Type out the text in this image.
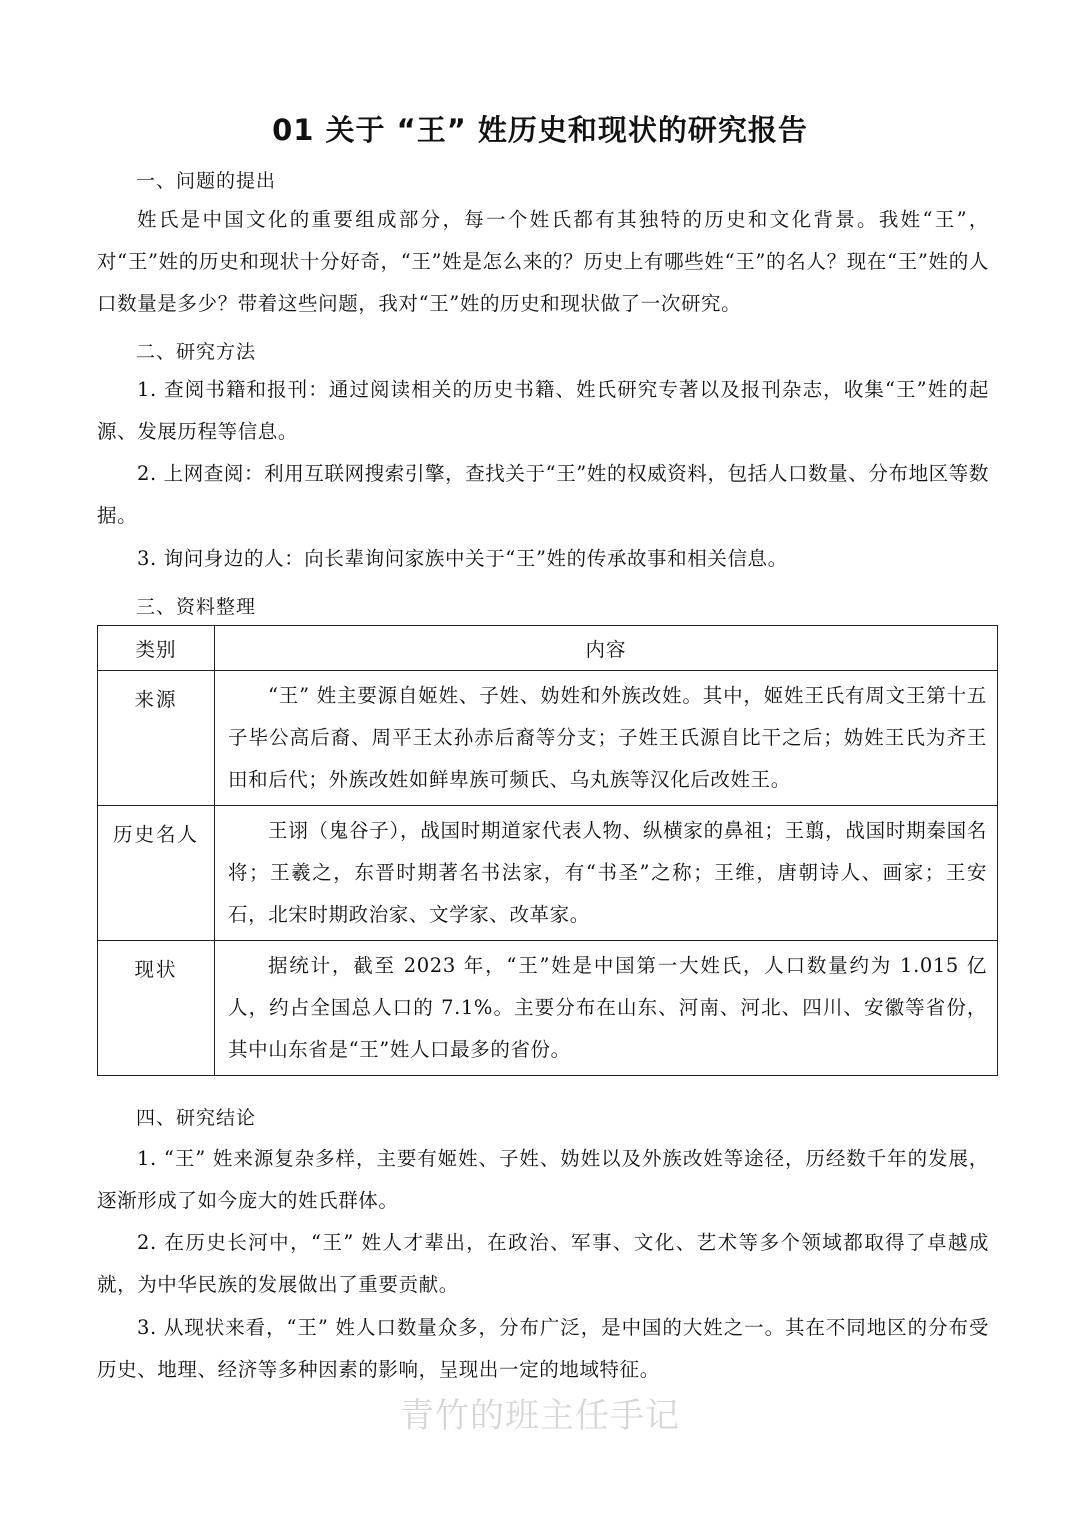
01 关于 “王” 姓历史和现状的研究报告
一、问题的提出
姓氏是中国文化的重要组成部分，每一个姓氏都有其独特的历史和文化背景。我姓“王”，对“王”姓的历史和现状十分好奇，“王”姓是怎么来的？历史上有哪些姓“王”的名人？现在“王”姓的人口数量是多少？带着这些问题，我对“王”姓的历史和现状做了一次研究。
二、研究方法
1. 查阅书籍和报刊：通过阅读相关的历史书籍、姓氏研究专著以及报刊杂志，收集“王”姓的起源、发展历程等信息。
2. 上网查阅：利用互联网搜索引擎，查找关于“王”姓的权威资料，包括人口数量、分布地区等数据。
3. 询问身边的人：向长辈询问家族中关于“王”姓的传承故事和相关信息。
三、资料整理
类别	内容
来源	“王” 姓主要源自姬姓、子姓、妫姓和外族改姓。其中，姬姓王氏有周文王第十五子毕公高后裔、周平王太孙赤后裔等分支；子姓王氏源自比干之后；妫姓王氏为齐王田和后代；外族改姓如鲜卑族可频氏、乌丸族等汉化后改姓王。
历史名人	王诩（鬼谷子），战国时期道家代表人物、纵横家的鼻祖；王翦，战国时期秦国名将；王羲之，东晋时期著名书法家，有“书圣”之称；王维，唐朝诗人、画家；王安石，北宋时期政治家、文学家、改革家。
现状	据统计，截至 2023 年，“王”姓是中国第一大姓氏，人口数量约为 1.015 亿人，约占全国总人口的 7.1%。主要分布在山东、河南、河北、四川、安徽等省份，其中山东省是“王”姓人口最多的省份。
四、研究结论
1. “王” 姓来源复杂多样，主要有姬姓、子姓、妫姓以及外族改姓等途径，历经数千年的发展，逐渐形成了如今庞大的姓氏群体。
2. 在历史长河中，“王” 姓人才辈出，在政治、军事、文化、艺术等多个领域都取得了卓越成就，为中华民族的发展做出了重要贡献。
3. 从现状来看，“王” 姓人口数量众多，分布广泛，是中国的大姓之一。其在不同地区的分布受历史、地理、经济等多种因素的影响，呈现出一定的地域特征。
青竹的班主任手记
